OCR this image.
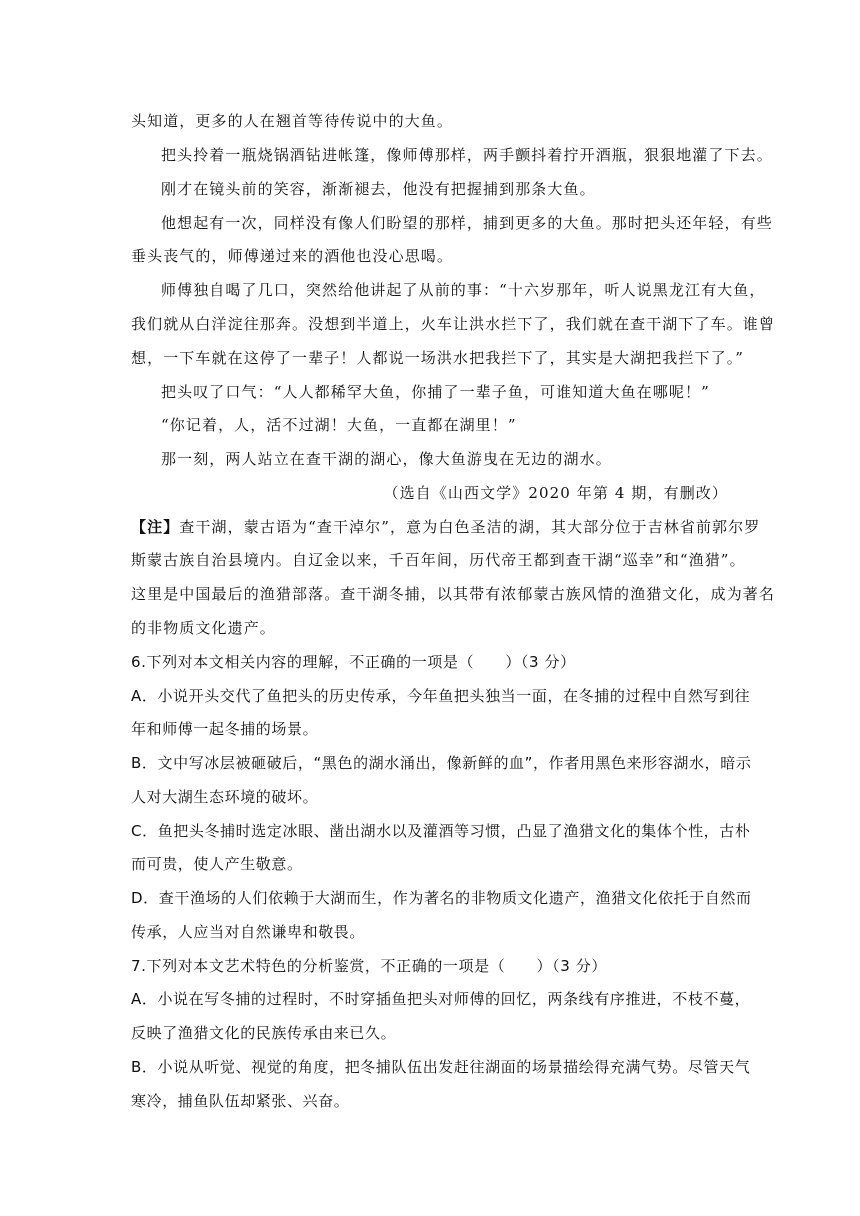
头知道，更多的人在翘首等待传说中的大鱼。
把头拎着一瓶烧锅酒钻进帐篷，像师傅那样，两手颤抖着拧开酒瓶，狠狠地灌了下去。
刚才在镜头前的笑容，渐渐褪去，他没有把握捕到那条大鱼。
他想起有一次，同样没有像人们盼望的那样，捕到更多的大鱼。那时把头还年轻，有些
垂头丧气的，师傅递过来的酒他也没心思喝。
师傅独自喝了几口，突然给他讲起了从前的事：“十六岁那年，听人说黑龙江有大鱼，
我们就从白洋淀往那奔。没想到半道上，火车让洪水拦下了，我们就在查干湖下了车。谁曾
想，一下车就在这停了一辈子！人都说一场洪水把我拦下了，其实是大湖把我拦下了。”
把头叹了口气：“人人都稀罕大鱼，你捕了一辈子鱼，可谁知道大鱼在哪呢！”
“你记着，人，活不过湖！大鱼，一直都在湖里！”
那一刻，两人站立在查干湖的湖心，像大鱼游曳在无边的湖水。
（选自《山西文学》2020 年第 4 期，有删改）
【注】查干湖，蒙古语为“查干淖尔”，意为白色圣洁的湖，其大部分位于吉林省前郭尔罗
斯蒙古族自治县境内。自辽金以来，千百年间，历代帝王都到查干湖“巡幸”和“渔猎”。
这里是中国最后的渔猎部落。查干湖冬捕，以其带有浓郁蒙古族风情的渔猎文化，成为著名
的非物质文化遗产。
6.下列对本文相关内容的理解，不正确的一项是（　　）（3 分）
A．小说开头交代了鱼把头的历史传承，今年鱼把头独当一面，在冬捕的过程中自然写到往
年和师傅一起冬捕的场景。
B．文中写冰层被砸破后，“黑色的湖水涌出，像新鲜的血”，作者用黑色来形容湖水，暗示
人对大湖生态环境的破坏。
C．鱼把头冬捕时选定冰眼、凿出湖水以及灌酒等习惯，凸显了渔猎文化的集体个性，古朴
而可贵，使人产生敬意。
D．查干渔场的人们依赖于大湖而生，作为著名的非物质文化遗产，渔猎文化依托于自然而
传承，人应当对自然谦卑和敬畏。
7.下列对本文艺术特色的分析鉴赏，不正确的一项是（　　）（3 分）
A．小说在写冬捕的过程时，不时穿插鱼把头对师傅的回忆，两条线有序推进，不枝不蔓，
反映了渔猎文化的民族传承由来已久。
B．小说从听觉、视觉的角度，把冬捕队伍出发赶往湖面的场景描绘得充满气势。尽管天气
寒冷，捕鱼队伍却紧张、兴奋。
